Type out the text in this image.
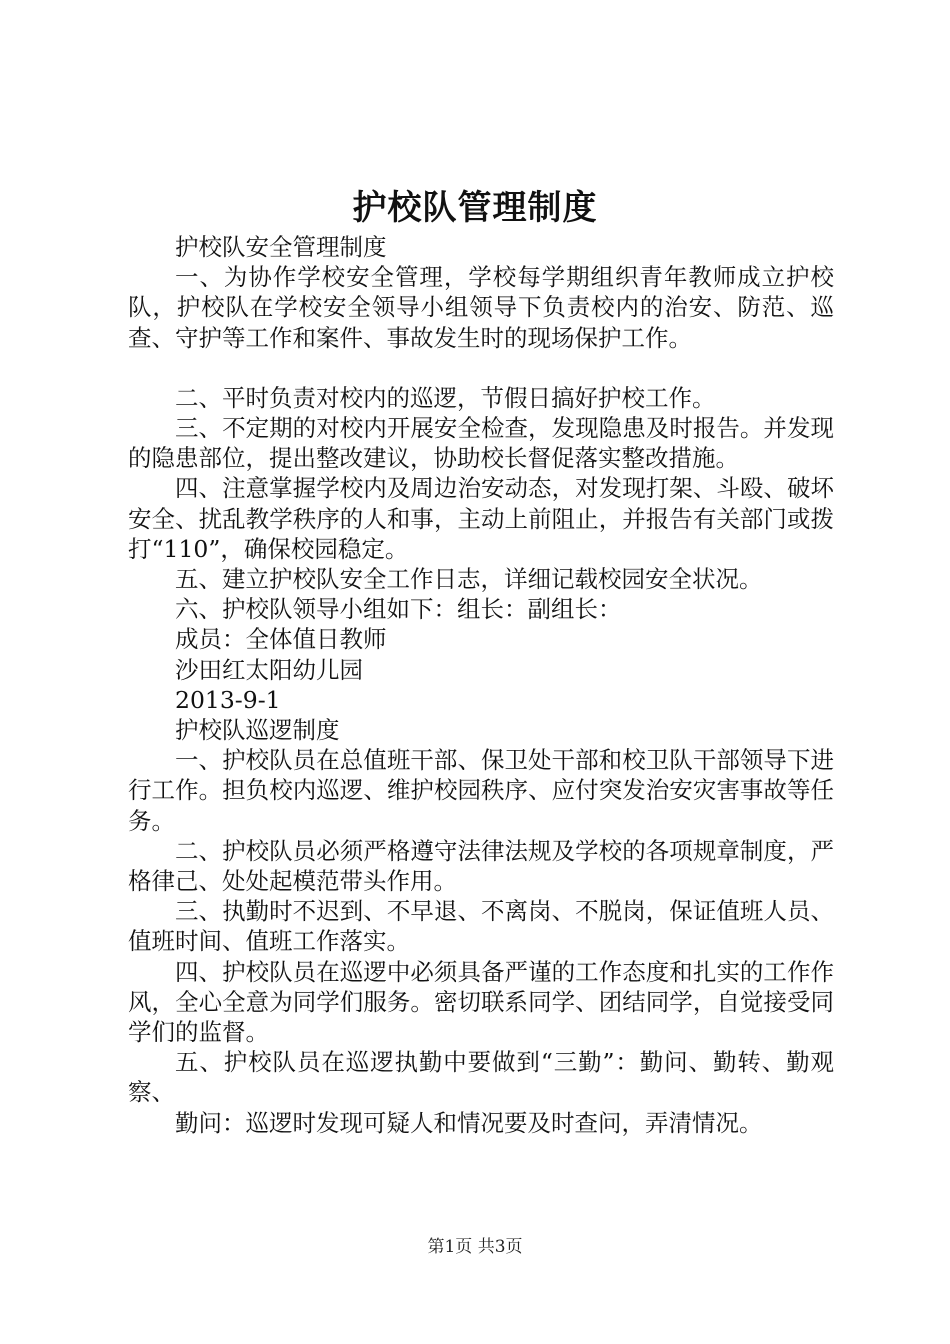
护校队管理制度

护校队安全管理制度

一、为协作学校安全管理，学校每学期组织青年教师成立护校队，护校队在学校安全领导小组领导下负责校内的治安、防范、巡查、守护等工作和案件、事故发生时的现场保护工作。

二、平时负责对校内的巡逻，节假日搞好护校工作。

三、不定期的对校内开展安全检查，发现隐患及时报告。并发现的隐患部位，提出整改建议，协助校长督促落实整改措施。

四、注意掌握学校内及周边治安动态，对发现打架、斗殴、破坏安全、扰乱教学秩序的人和事，主动上前阻止，并报告有关部门或拨打“110”，确保校园稳定。

五、建立护校队安全工作日志，详细记载校园安全状况。

六、护校队领导小组如下：组长：副组长：

成员：全体值日教师

沙田红太阳幼儿园

2013-9-1

护校队巡逻制度

一、护校队员在总值班干部、保卫处干部和校卫队干部领导下进行工作。担负校内巡逻、维护校园秩序、应付突发治安灾害事故等任务。

二、护校队员必须严格遵守法律法规及学校的各项规章制度，严格律己、处处起模范带头作用。

三、执勤时不迟到、不早退、不离岗、不脱岗，保证值班人员、值班时间、值班工作落实。

四、护校队员在巡逻中必须具备严谨的工作态度和扎实的工作作风，全心全意为同学们服务。密切联系同学、团结同学，自觉接受同学们的监督。

五、护校队员在巡逻执勤中要做到“三勤”：勤问、勤转、勤观察、

勤问：巡逻时发现可疑人和情况要及时查问，弄清情况。

第1页 共3页
